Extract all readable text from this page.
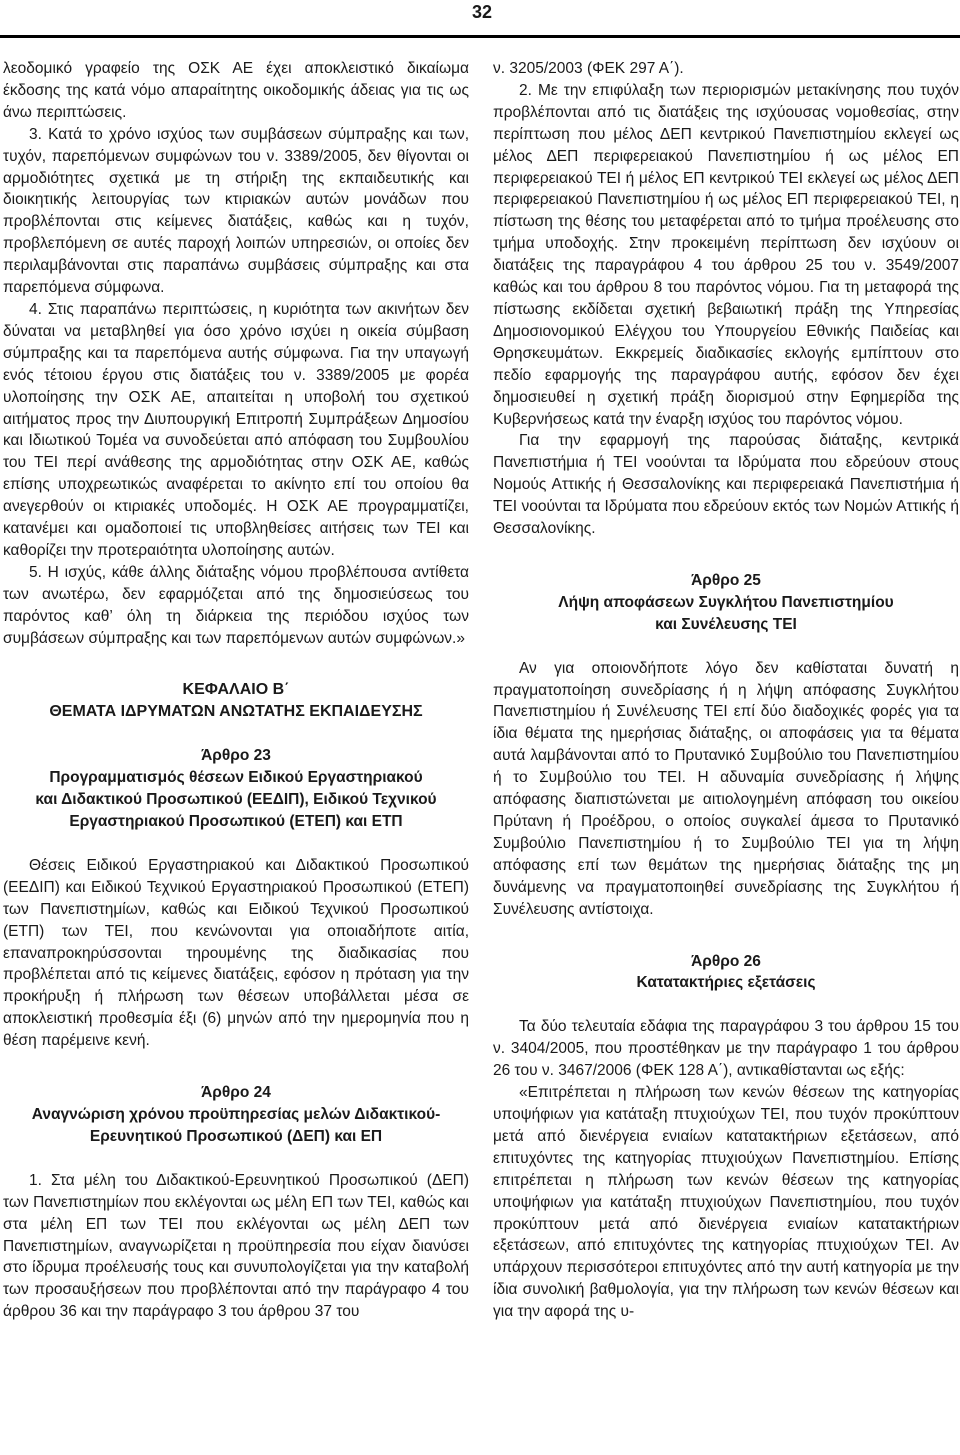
32

λεοδομικό γραφείο της ΟΣΚ ΑΕ έχει αποκλειστικό δικαίωμα έκδοσης της κατά νόμο απαραίτητης οικοδομικής άδειας για τις ως άνω περιπτώσεις.

3. Κατά το χρόνο ισχύος των συμβάσεων σύμπραξης και των, τυχόν, παρεπόμενων συμφώνων του ν. 3389/2005, δεν θίγονται οι αρμοδιότητες σχετικά με τη στήριξη της εκπαιδευτικής και διοικητικής λειτουργίας των κτιριακών αυτών μονάδων που προβλέπονται στις κείμενες διατάξεις, καθώς και η τυχόν, προβλεπόμενη σε αυτές παροχή λοιπών υπηρεσιών, οι οποίες δεν περιλαμβάνονται στις παραπάνω συμβάσεις σύμπραξης και στα παρεπόμενα σύμφωνα.

4. Στις παραπάνω περιπτώσεις, η κυριότητα των ακινήτων δεν δύναται να μεταβληθεί για όσο χρόνο ισχύει η οικεία σύμβαση σύμπραξης και τα παρεπόμενα αυτής σύμφωνα. Για την υπαγωγή ενός τέτοιου έργου στις διατάξεις του ν. 3389/2005 με φορέα υλοποίησης την ΟΣΚ ΑΕ, απαιτείται η υποβολή του σχετικού αιτήματος προς την Διυπουργική Επιτροπή Συμπράξεων Δημοσίου και Ιδιωτικού Τομέα να συνοδεύεται από απόφαση του Συμβουλίου του ΤΕΙ περί ανάθεσης της αρμοδιότητας στην ΟΣΚ ΑΕ, καθώς επίσης υποχρεωτικώς αναφέρεται το ακίνητο επί του οποίου θα ανεγερθούν οι κτιριακές υποδομές. Η ΟΣΚ ΑΕ προγραμματίζει, κατανέμει και ομαδοποιεί τις υποβληθείσες αιτήσεις των ΤΕΙ και καθορίζει την προτεραιότητα υλοποίησης αυτών.

5. Η ισχύς, κάθε άλλης διάταξης νόμου προβλέπουσα αντίθετα των ανωτέρω, δεν εφαρμόζεται από της δημοσιεύσεως του παρόντος καθ’ όλη τη διάρκεια της περιόδου ισχύος των συμβάσεων σύμπραξης και των παρεπόμενων αυτών συμφώνων.»

ΚΕΦΑΛΑΙΟ Β΄

ΘΕΜΑΤΑ ΙΔΡΥΜΑΤΩΝ ΑΝΩΤΑΤΗΣ ΕΚΠΑΙΔΕΥΣΗΣ

Άρθρο 23

Προγραμματισμός θέσεων Ειδικού Εργαστηριακού

και Διδακτικού Προσωπικού (ΕΕΔΙΠ), Ειδικού Τεχνικού

Εργαστηριακού Προσωπικού (ΕΤΕΠ) και ΕΤΠ

Θέσεις Ειδικού Εργαστηριακού και Διδακτικού Προσωπικού (ΕΕΔΙΠ) και Ειδικού Τεχνικού Εργαστηριακού Προσωπικού (ΕΤΕΠ) των Πανεπιστημίων, καθώς και Ειδικού Τεχνικού Προσωπικού (ΕΤΠ) των ΤΕΙ, που κενώνονται για οποιαδήποτε αιτία, επαναπροκηρύσσονται τηρουμένης της διαδικασίας που προβλέπεται από τις κείμενες διατάξεις, εφόσον η πρόταση για την προκήρυξη ή πλήρωση των θέσεων υποβάλλεται μέσα σε αποκλειστική προθεσμία έξι (6) μηνών από την ημερομηνία που η θέση παρέμεινε κενή.

Άρθρο 24

Αναγνώριση χρόνου προϋπηρεσίας μελών Διδακτικού-

Ερευνητικού Προσωπικού (ΔΕΠ) και ΕΠ

1. Στα μέλη του Διδακτικού-Ερευνητικού Προσωπικού (ΔΕΠ) των Πανεπιστημίων που εκλέγονται ως μέλη ΕΠ των ΤΕΙ, καθώς και στα μέλη ΕΠ των ΤΕΙ που εκλέγονται ως μέλη ΔΕΠ των Πανεπιστημίων, αναγνωρίζεται η προϋπηρεσία που είχαν διανύσει στο ίδρυμα προέλευσής τους και συνυπολογίζεται για την καταβολή των προσαυξήσεων που προβλέπονται από την παράγραφο 4 του άρθρου 36 και την παράγραφο 3 του άρθρου 37 του

ν. 3205/2003 (ΦΕΚ 297 Α΄).

2. Με την επιφύλαξη των περιορισμών μετακίνησης που τυχόν προβλέπονται από τις διατάξεις της ισχύουσας νομοθεσίας, στην περίπτωση που μέλος ΔΕΠ κεντρικού Πανεπιστημίου εκλεγεί ως μέλος ΔΕΠ περιφερειακού Πανεπιστημίου ή ως μέλος ΕΠ περιφερειακού ΤΕΙ ή μέλος ΕΠ κεντρικού ΤΕΙ εκλεγεί ως μέλος ΔΕΠ περιφερειακού Πανεπιστημίου ή ως μέλος ΕΠ περιφερειακού ΤΕΙ, η πίστωση της θέσης του μεταφέρεται από το τμήμα προέλευσης στο τμήμα υποδοχής. Στην προκειμένη περίπτωση δεν ισχύουν οι διατάξεις της παραγράφου 4 του άρθρου 25 του ν. 3549/2007 καθώς και του άρθρου 8 του παρόντος νόμου. Για τη μεταφορά της πίστωσης εκδίδεται σχετική βεβαιωτική πράξη της Υπηρεσίας Δημοσιονομικού Ελέγχου του Υπουργείου Εθνικής Παιδείας και Θρησκευμάτων. Εκκρεμείς διαδικασίες εκλογής εμπίπτουν στο πεδίο εφαρμογής της παραγράφου αυτής, εφόσον δεν έχει δημοσιευθεί η σχετική πράξη διορισμού στην Εφημερίδα της Κυβερνήσεως κατά την έναρξη ισχύος του παρόντος νόμου.

Για την εφαρμογή της παρούσας διάταξης, κεντρικά Πανεπιστήμια ή ΤΕΙ νοούνται τα Ιδρύματα που εδρεύουν στους Νομούς Αττικής ή Θεσσαλονίκης και περιφερειακά Πανεπιστήμια ή ΤΕΙ νοούνται τα Ιδρύματα που εδρεύουν εκτός των Νομών Αττικής ή Θεσσαλονίκης.

Άρθρο 25

Λήψη αποφάσεων Συγκλήτου Πανεπιστημίου

και Συνέλευσης ΤΕΙ

Αν για οποιονδήποτε λόγο δεν καθίσταται δυνατή η πραγματοποίηση συνεδρίασης ή η λήψη απόφασης Συγκλήτου Πανεπιστημίου ή Συνέλευσης ΤΕΙ επί δύο διαδοχικές φορές για τα ίδια θέματα της ημερήσιας διάταξης, οι αποφάσεις για τα θέματα αυτά λαμβάνονται από το Πρυτανικό Συμβούλιο του Πανεπιστημίου ή το Συμβούλιο του ΤΕΙ. Η αδυναμία συνεδρίασης ή λήψης απόφασης διαπιστώνεται με αιτιολογημένη απόφαση του οικείου Πρύτανη ή Προέδρου, ο οποίος συγκαλεί άμεσα το Πρυτανικό Συμβούλιο Πανεπιστημίου ή το Συμβούλιο ΤΕΙ για τη λήψη απόφασης επί των θεμάτων της ημερήσιας διάταξης της μη δυνάμενης να πραγματοποιηθεί συνεδρίασης της Συγκλήτου ή Συνέλευσης αντίστοιχα.

Άρθρο 26

Κατατακτήριες εξετάσεις

Τα δύο τελευταία εδάφια της παραγράφου 3 του άρθρου 15 του ν. 3404/2005, που προστέθηκαν με την παράγραφο 1 του άρθρου 26 του ν. 3467/2006 (ΦΕΚ 128 Α΄), αντικαθίστανται ως εξής:

«Επιτρέπεται η πλήρωση των κενών θέσεων της κατηγορίας υποψήφιων για κατάταξη πτυχιούχων ΤΕΙ, που τυχόν προκύπτουν μετά από διενέργεια ενιαίων κατατακτήριων εξετάσεων, από επιτυχόντες της κατηγορίας πτυχιούχων Πανεπιστημίου. Επίσης επιτρέπεται η πλήρωση των κενών θέσεων της κατηγορίας υποψήφιων για κατάταξη πτυχιούχων Πανεπιστημίου, που τυχόν προκύπτουν μετά από διενέργεια ενιαίων κατατακτήριων εξετάσεων, από επιτυχόντες της κατηγορίας πτυχιούχων ΤΕΙ. Αν υπάρχουν περισσότεροι επιτυχόντες από την αυτή κατηγορία με την ίδια συνολική βαθμολογία, για την πλήρωση των κενών θέσεων και για την αφορά της υ-
